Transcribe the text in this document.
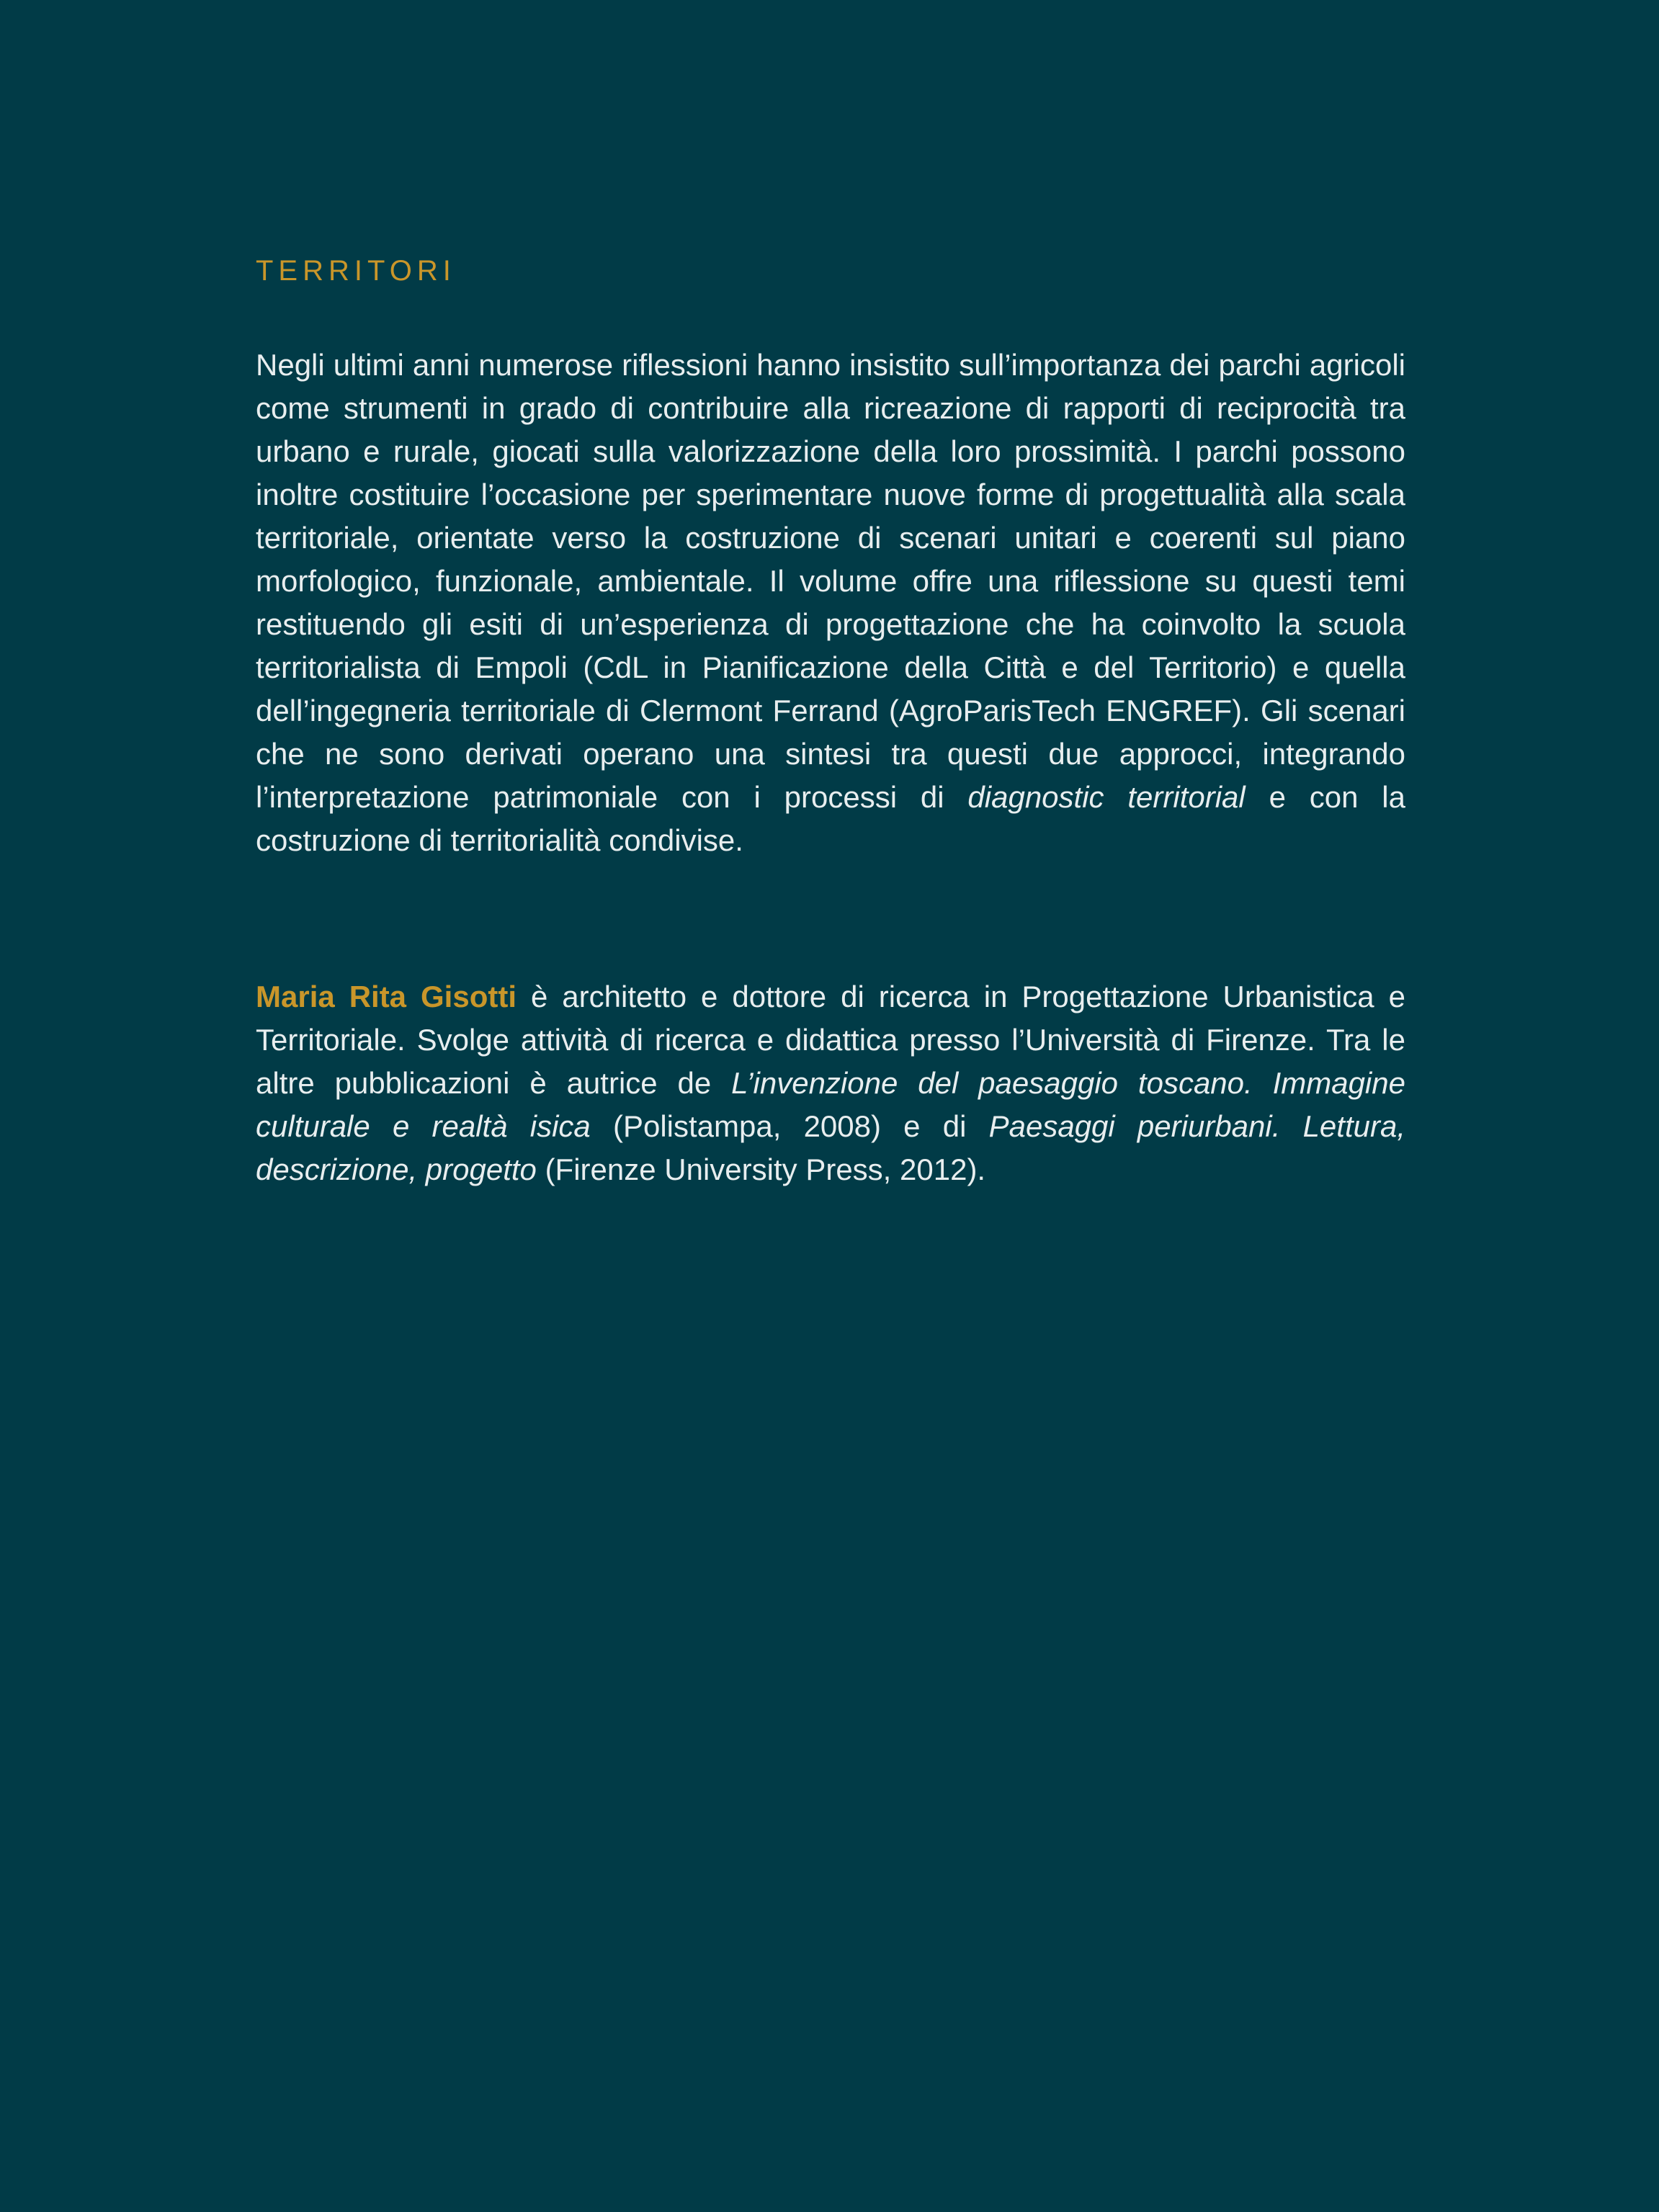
TERRITORI

Negli ultimi anni numerose riflessioni hanno insistito sull’importanza dei parchi agricoli come strumenti in grado di contribuire alla ricreazione di rapporti di reciprocità tra urbano e rurale, giocati sulla valorizzazione della loro prossimità. I parchi possono inoltre costituire l’occasione per sperimentare nuove forme di progettualità alla scala territoriale, orientate verso la costruzione di scenari unitari e coerenti sul piano morfologico, funzionale, ambientale. Il volume offre una riflessione su questi temi restituendo gli esiti di un’esperienza di progettazione che ha coinvolto la scuola territorialista di Empoli (CdL in Pianificazione della Città e del Territorio) e quella dell’ingegneria territoriale di Clermont Ferrand (AgroParisTech ENGREF). Gli scenari che ne sono derivati operano una sintesi tra questi due approcci, integrando l’interpretazione patrimoniale con i processi di diagnostic territorial e con la costruzione di territorialità condivise.

Maria Rita Gisotti è architetto e dottore di ricerca in Progettazione Urbanistica e Territoriale. Svolge attività di ricerca e didattica presso l’Università di Firenze. Tra le altre pubblicazioni è autrice de L’invenzione del paesaggio toscano. Immagine culturale e realtà isica (Polistampa, 2008) e di Paesaggi periurbani. Lettura, descrizione, progetto (Firenze University Press, 2012).
